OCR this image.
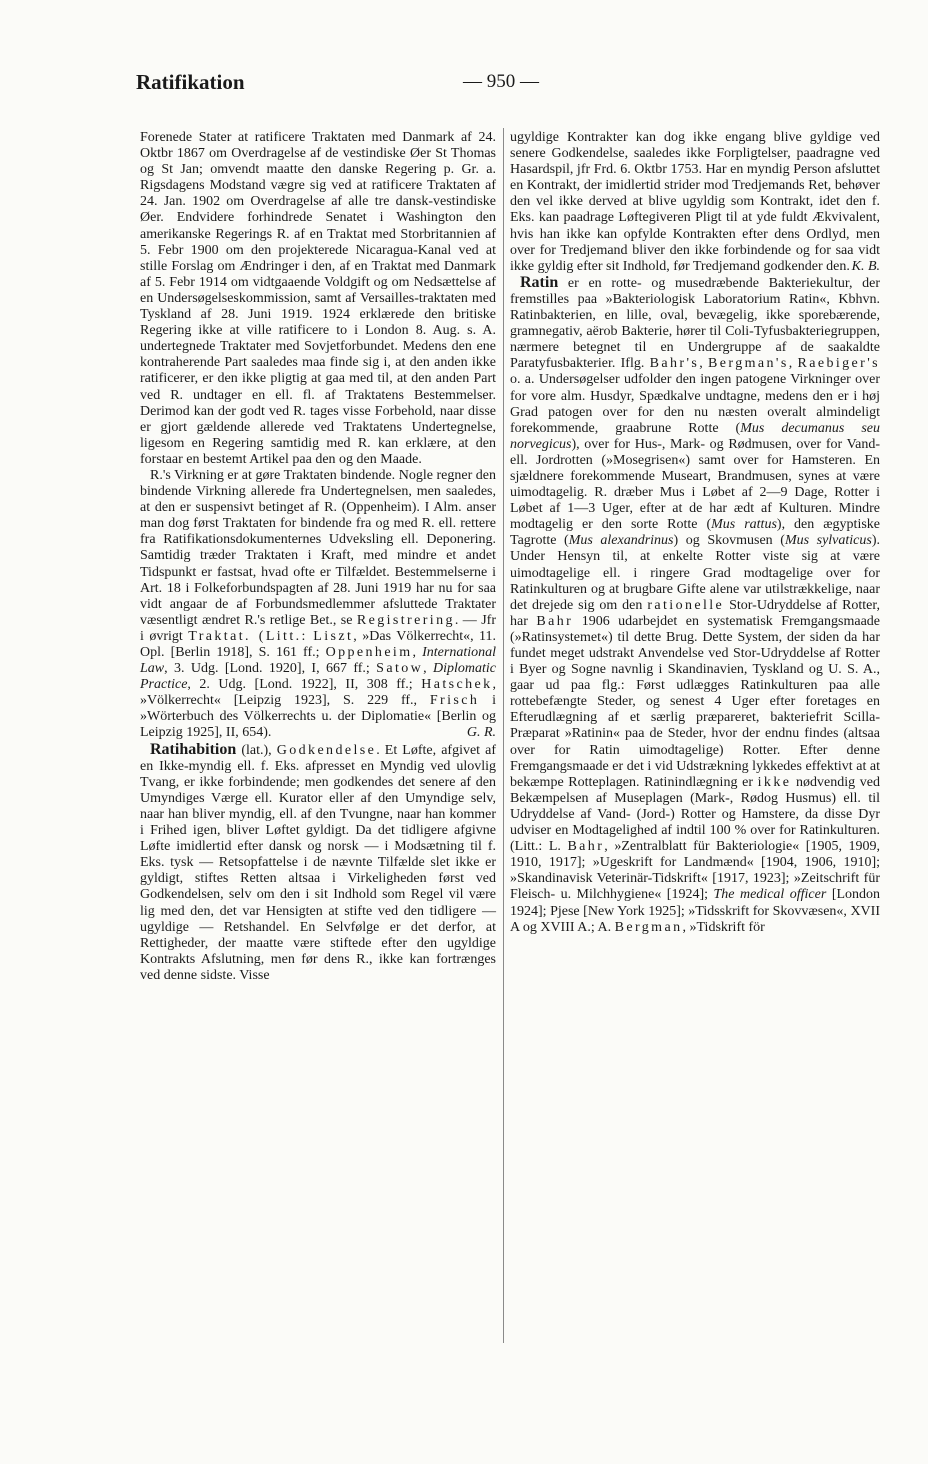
Ratifikation	— 950 —

Forenede Stater at ratificere Traktaten med Danmark af 24. Oktbr 1867 om Overdragelse af de vestindiske Øer St Thomas og St Jan; omvendt maatte den danske Regering p. Gr. a. Rigsdagens Modstand vægre sig ved at ratificere Traktaten af 24. Jan. 1902 om Overdragelse af alle tre dansk-vestindiske Øer. Endvidere forhindrede Senatet i Washington den amerikanske Regerings R. af en Traktat med Storbritannien af 5. Febr 1900 om den projekterede Nicaragua-Kanal ved at stille Forslag om Ændringer i den, af en Traktat med Danmark af 5. Febr 1914 om vidtgaaende Voldgift og om Nedsættelse af en Undersøgelseskommission, samt af Versailles-traktaten med Tyskland af 28. Juni 1919. 1924 erklærede den britiske Regering ikke at ville ratificere to i London 8. Aug. s. A. undertegnede Traktater med Sovjetforbundet. Medens den ene kontraherende Part saaledes maa finde sig i, at den anden ikke ratificerer, er den ikke pligtig at gaa med til, at den anden Part ved R. undtager en ell. fl. af Traktatens Bestemmelser. Derimod kan der godt ved R. tages visse Forbehold, naar disse er gjort gældende allerede ved Traktatens Undertegnelse, ligesom en Regering samtidig med R. kan erklære, at den forstaar en bestemt Artikel paa den og den Maade.

R.'s Virkning er at gøre Traktaten bindende. Nogle regner den bindende Virkning allerede fra Undertegnelsen, men saaledes, at den er suspensivt betinget af R. (Oppenheim). I Alm. anser man dog først Traktaten for bindende fra og med R. ell. rettere fra Ratifikationsdokumenternes Udveksling ell. Deponering. Samtidig træder Traktaten i Kraft, med mindre et andet Tidspunkt er fastsat, hvad ofte er Tilfældet. Bestemmelserne i Art. 18 i Folkeforbundspagten af 28. Juni 1919 har nu for saa vidt angaar de af Forbundsmedlemmer afsluttede Traktater væsentligt ændret R.'s retlige Bet., se Registrering. — Jfr i øvrigt Traktat. (Litt.: Liszt, »Das Völkerrecht«, 11. Opl. [Berlin 1918], S. 161 ff.; Oppenheim, International Law, 3. Udg. [Lond. 1920], I, 667 ff.; Satow, Diplomatic Practice, 2. Udg. [Lond. 1922], II, 308 ff.; Hatschek, »Völkerrecht« [Leipzig 1923], S. 229 ff., Frisch i »Wörterbuch des Völkerrechts u. der Diplomatie« [Berlin og Leipzig 1925], II, 654).	G. R.

Ratihabition (lat.), Godkendelse. Et Løfte, afgivet af en Ikke-myndig ell. f. Eks. afpresset en Myndig ved ulovlig Tvang, er ikke forbindende; men godkendes det senere af den Umyndiges Værge ell. Kurator eller af den Umyndige selv, naar han bliver myndig, ell. af den Tvungne, naar han kommer i Frihed igen, bliver Løftet gyldigt. Da det tidligere afgivne Løfte imidlertid efter dansk og norsk — i Modsætning til f. Eks. tysk — Retsopfattelse i de nævnte Tilfælde slet ikke er gyldigt, stiftes Retten altsaa i Virkeligheden først ved Godkendelsen, selv om den i sit Indhold som Regel vil være lig med den, det var Hensigten at stifte ved den tidligere — ugyldige — Retshandel. En Selvfølge er det derfor, at Rettigheder, der maatte være stiftede efter den ugyldige Kontrakts Afslutning, men før dens R., ikke kan fortrænges ved denne sidste. Visse

ugyldige Kontrakter kan dog ikke engang blive gyldige ved senere Godkendelse, saaledes ikke Forpligtelser, paadragne ved Hasardspil, jfr Frd. 6. Oktbr 1753. Har en myndig Person afsluttet en Kontrakt, der imidlertid strider mod Tredjemands Ret, behøver den vel ikke derved at blive ugyldig som Kontrakt, idet den f. Eks. kan paadrage Løftegiveren Pligt til at yde fuldt Ækvivalent, hvis han ikke kan opfylde Kontrakten efter dens Ordlyd, men over for Tredjemand bliver den ikke forbindende og for saa vidt ikke gyldig efter sit Indhold, før Tredjemand godkender den. K. B.

Ratin er en rotte- og musedræbende Bakteriekultur, der fremstilles paa »Bakteriologisk Laboratorium Ratin«, Kbhvn. Ratinbakterien, en lille, oval, bevægelig, ikke sporebærende, gramnegativ, aërob Bakterie, hører til Coli-Tyfusbakteriegruppen, nærmere betegnet til en Undergruppe af de saakaldte Paratyfusbakterier. Iflg. Bahr's, Bergman's, Raebiger's o. a. Undersøgelser udfolder den ingen patogene Virkninger over for vore alm. Husdyr, Spædkalve undtagne, medens den er i høj Grad patogen over for den nu næsten overalt almindeligt forekommende, graabrune Rotte (Mus decumanus seu norvegicus), over for Hus-, Mark- og Rødmusen, over for Vand- ell. Jordrotten (»Mosegrisen«) samt over for Hamsteren. En sjældnere forekommende Museart, Brandmusen, synes at være uimodtagelig. R. dræber Mus i Løbet af 2—9 Dage, Rotter i Løbet af 1—3 Uger, efter at de har ædt af Kulturen. Mindre modtagelig er den sorte Rotte (Mus rattus), den ægyptiske Tagrotte (Mus alexandrinus) og Skovmusen (Mus sylvaticus). Under Hensyn til, at enkelte Rotter viste sig at være uimodtagelige ell. i ringere Grad modtagelige over for Ratinkulturen og at brugbare Gifte alene var utilstrækkelige, naar det drejede sig om den rationelle Stor-Udryddelse af Rotter, har Bahr 1906 udarbejdet en systematisk Fremgangsmaade (»Ratinsystemet«) til dette Brug. Dette System, der siden da har fundet meget udstrakt Anvendelse ved Stor-Udryddelse af Rotter i Byer og Sogne navnlig i Skandinavien, Tyskland og U. S. A., gaar ud paa flg.: Først udlægges Ratinkulturen paa alle rottebefængte Steder, og senest 4 Uger efter foretages en Efterudlægning af et særlig præpareret, bakteriefrit Scilla-Præparat »Ratinin« paa de Steder, hvor der endnu findes (altsaa over for Ratin uimodtagelige) Rotter. Efter denne Fremgangsmaade er det i vid Udstrækning lykkedes effektivt at at bekæmpe Rotteplagen. Ratinindlægning er ikke nødvendig ved Bekæmpelsen af Museplagen (Mark-, Rødog Husmus) ell. til Udryddelse af Vand- (Jord-) Rotter og Hamstere, da disse Dyr udviser en Modtagelighed af indtil 100 % over for Ratinkulturen. (Litt.: L. Bahr, »Zentralblatt für Bakteriologie« [1905, 1909, 1910, 1917]; »Ugeskrift for Landmænd« [1904, 1906, 1910]; »Skandinavisk Veterinär-Tidskrift« [1917, 1923]; »Zeitschrift für Fleisch- u. Milchhygiene« [1924]; The medical officer [London 1924]; Pjese [New York 1925]; »Tidsskrift for Skovvæsen«, XVII A og XVIII A.; A. Bergman, »Tidskrift för
